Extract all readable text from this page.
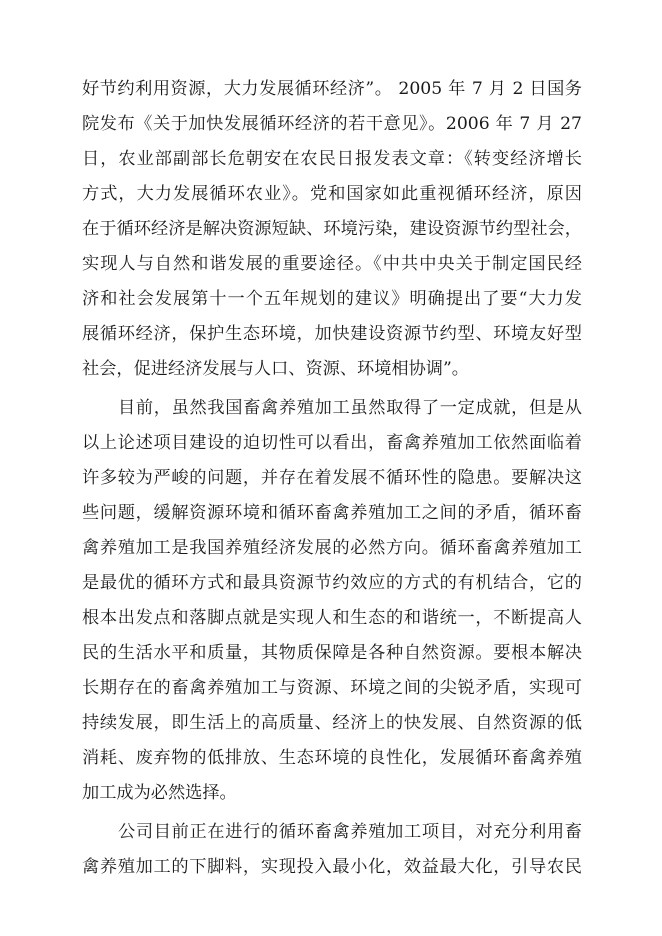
好节约利用资源，大力发展循环经济”。 2005 年 7 月 2 日国务
院发布《关于加快发展循环经济的若干意见》。2006 年 7 月 27
日，农业部副部长危朝安在农民日报发表文章：《转变经济增长
方式，大力发展循环农业》。党和国家如此重视循环经济，原因
在于循环经济是解决资源短缺、环境污染，建设资源节约型社会，
实现人与自然和谐发展的重要途径。《中共中央关于制定国民经
济和社会发展第十一个五年规划的建议》明确提出了要“大力发
展循环经济，保护生态环境，加快建设资源节约型、环境友好型
社会，促进经济发展与人口、资源、环境相协调”。
目前，虽然我国畜禽养殖加工虽然取得了一定成就，但是从
以上论述项目建设的迫切性可以看出，畜禽养殖加工依然面临着
许多较为严峻的问题，并存在着发展不循环性的隐患。要解决这
些问题，缓解资源环境和循环畜禽养殖加工之间的矛盾，循环畜
禽养殖加工是我国养殖经济发展的必然方向。循环畜禽养殖加工
是最优的循环方式和最具资源节约效应的方式的有机结合，它的
根本出发点和落脚点就是实现人和生态的和谐统一，不断提高人
民的生活水平和质量，其物质保障是各种自然资源。要根本解决
长期存在的畜禽养殖加工与资源、环境之间的尖锐矛盾，实现可
持续发展，即生活上的高质量、经济上的快发展、自然资源的低
消耗、废弃物的低排放、生态环境的良性化，发展循环畜禽养殖
加工成为必然选择。
公司目前正在进行的循环畜禽养殖加工项目，对充分利用畜
禽养殖加工的下脚料，实现投入最小化，效益最大化，引导农民
